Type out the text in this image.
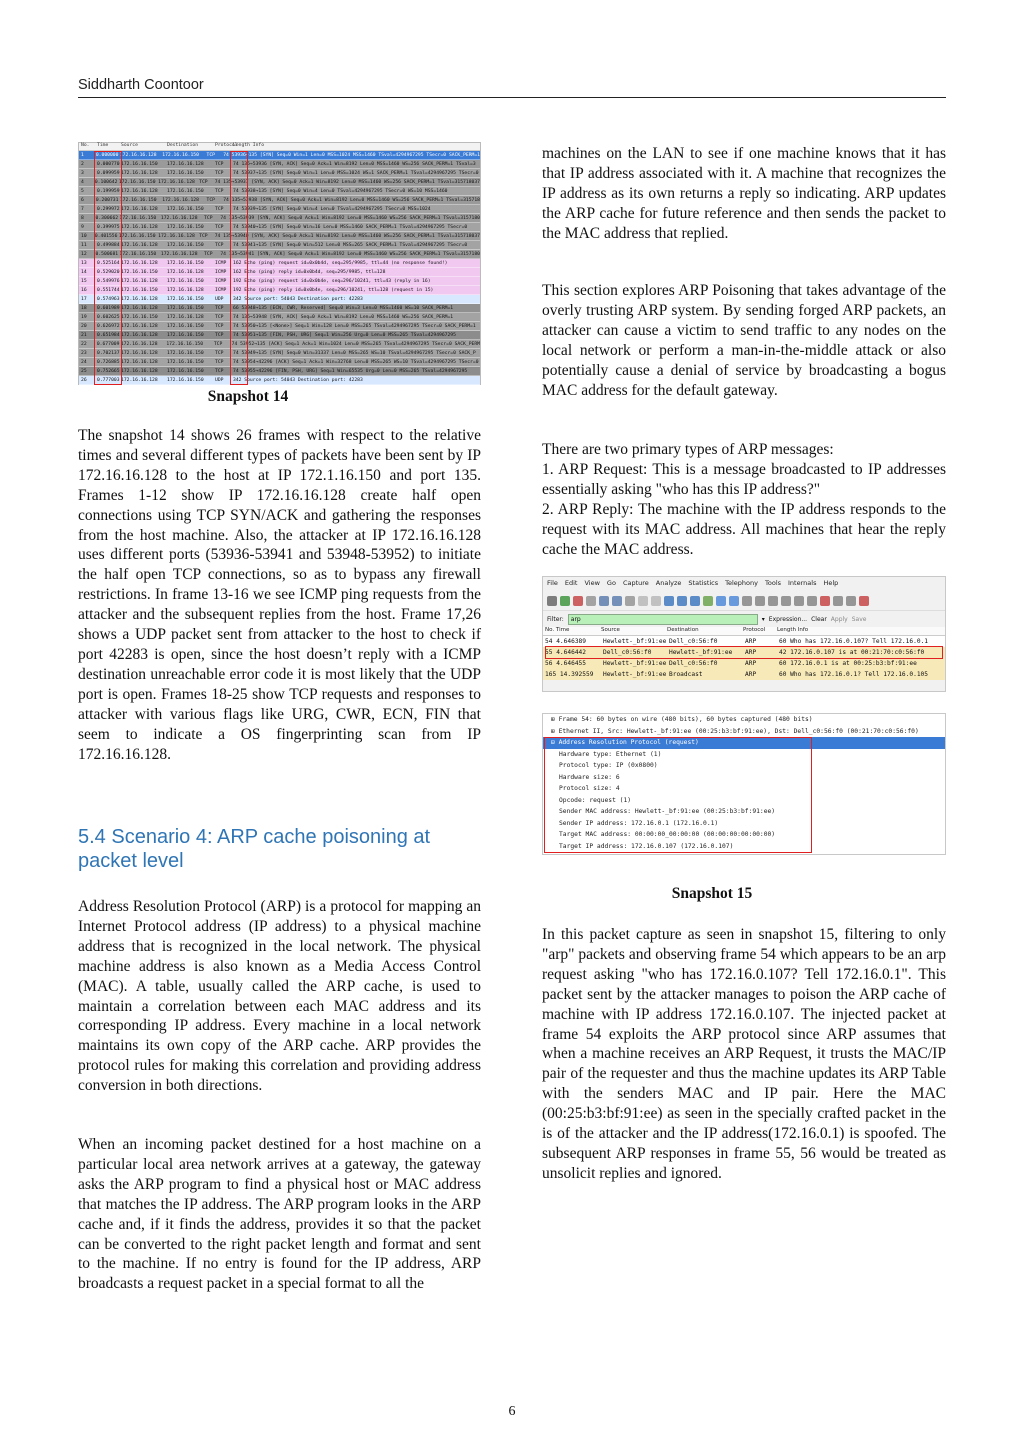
Siddharth Coontoor
No.	Time	Source	Destination	Protocol
Length Info
1	0.000000 172.16.16.128	172.16.16.150	TCP	74 53936→135 [SYN] Seq=0 Win=1 Len=0 MSS=1024 MSS=1460 TSval=4294967295 TSecr=0 SACK_PERM=1
2	0.000770 172.16.16.150	172.16.16.128	TCP	74 135→53936 [SYN, ACK] Seq=0 Ack=1 Win=8192 Len=0 MSS=1460 WS=256 SACK_PERM=1 TSval=3
3	0.099959 172.16.16.128	172.16.16.150	TCP	74 53937→135 [SYN] Seq=0 Win=1 Len=0 MSS=1024 WS=1 SACK_PERM=1 TSval=4294967295 TSecr=0
4	0.100642 172.16.16.150 172.16.16.128 TCP	74 135→53937 [SYN, ACK] Seq=0 Ack=1 Win=8192 Len=0 MSS=1460 WS=256 SACK_PERM=1 TSval=315718037
5	0.199959 172.16.16.128	172.16.16.150	TCP	74 53938→135 [SYN] Seq=0 Win=4 Len=0 TSval=4294967295 TSecr=0 WS=10 MSS=1460
6	0.200731 172.16.16.150	172.16.16.128	TCP	74 135→53938 [SYN, ACK] Seq=0 Ack=1 Win=8192 Len=0 MSS=1460 WS=256 SACK_PERM=1 TSval=315718
7	0.299972 172.16.16.128	172.16.16.150	TCP	74 53939→135 [SYN] Seq=0 Win=4 Len=0 TSval=4294967295 TSecr=0 MSS=1024
8	0.300662 172.16.16.150 172.16.16.128	TCP	74 135→53939 [SYN, ACK] Seq=0 Ack=1 Win=8192 Len=0 MSS=1460 WS=256 SACK_PERM=1 TSval=3157180
9	0.399975 172.16.16.128	172.16.16.150	TCP	74 53940→135 [SYN] Seq=0 Win=16 Len=0 MSS=1460 SACK_PERM=1 TSval=4294967295 TSecr=0
10	0.401556 172.16.16.150 172.16.16.128 TCP	74 135→53940 [SYN, ACK] Seq=0 Ack=1 Win=8192 Len=0 MSS=1460 WS=256 SACK_PERM=1 TSval=315718037
11	0.499884 172.16.16.128	172.16.16.150	TCP	74 53941→135 [SYN] Seq=0 Win=512 Len=0 MSS=265 SACK_PERM=1 TSval=4294967295 TSecr=0
12	0.500681 172.16.16.150 172.16.16.128	TCP	74 135→53941 [SYN, ACK] Seq=0 Ack=1 Win=8192 Len=0 MSS=1460 WS=256 SACK_PERM=1 TSval=3157180
13	0.525164 172.16.16.128	172.16.16.150	ICMP	162 Echo (ping) request id=0x0b4d, seq=295/9985, ttl=44 (no response found!)
14	0.529020 172.16.16.150	172.16.16.128	ICMP	162 Echo (ping) reply id=0x0b4d, seq=295/9985, ttl=128
15	0.549976 172.16.16.128	172.16.16.150	ICMP	192 Echo (ping) request id=0x0b4e, seq=296/10241, ttl=43 (reply in 16)
16	0.551744 172.16.16.150	172.16.16.128	ICMP	192 Echo (ping) reply id=0x0b4e, seq=296/10241, ttl=128 (request in 15)
17	0.574963 172.16.16.128	172.16.16.150	UDP	342 Source port: 54043 Destination port: 42283
18	0.601989 172.16.16.128	172.16.16.150	TCP	66 53948→135 [ECN, CWR, Reserved] Seq=0 Win=3 Len=0 MSS=1460 WS=10 SACK_PERM=1
19	0.602625 172.16.16.150	172.16.16.128	TCP	74 135→53948 [SYN, ACK] Seq=0 Ack=1 Win=8192 Len=0 MSS=1460 WS=256 SACK_PERM=1
20	0.626972 172.16.16.128	172.16.16.150	TCP	74 53950→135 [<None>] Seq=1 Win=128 Len=0 MSS=265 TSval=4294967295 TSecr=0 SACK_PERM=1
21	0.651984 172.16.16.128	172.16.16.150	TCP	74 53951→135 [FIN, PSH, URG] Seq=1 Win=256 Urg=0 Len=0 MSS=265 TSval=4294967295
22	0.677009 172.16.16.128	172.16.16.150	TCP	74 53952→135 [ACK] Seq=1 Ack=1 Win=1024 Len=0 MSS=265 TSval=4294967295 TSecr=0 SACK_PERM
23	0.702137 172.16.16.128	172.16.16.150	TCP	74 53949→135 [SYN] Seq=0 Win=31337 Len=0 MSS=265 WS=10 TSval=4294967295 TSecr=0 SACK_P
24	0.726885 172.16.16.128	172.16.16.150	TCP	74 53954→42296 [ACK] Seq=1 Ack=1 Win=32768 Len=0 MSS=265 WS=10 TSval=4294967295 TSecr=0
25	0.752665 172.16.16.128	172.16.16.150	TCP	74 53955→42296 [FIN, PSH, URG] Seq=1 Win=65535 Urg=0 Len=0 MSS=265 TSval=4294967295
26	0.777003 172.16.16.128	172.16.16.150	UDP	342 Source port: 54043 Destination port: 42283
Snapshot 14
The snapshot 14 shows 26 frames with respect to the relative times and several different types of packets have been sent by IP 172.16.16.128 to the host at IP 172.1.16.150 and port 135. Frames 1-12 show IP 172.16.16.128 create half open connections using TCP SYN/ACK and gathering the responses from the host machine. Also, the attacker at IP 172.16.16.128 uses different ports (53936-53941 and 53948-53952) to initiate the half open TCP connections, so as to bypass any firewall restrictions. In frame 13-16 we see ICMP ping requests from the attacker and the subsequent replies from the host. Frame 17,26 shows a UDP packet sent from attacker to the host to check if port 42283 is open, since the host doesn’t reply with a ICMP destination unreachable error code it is most likely that the UDP port is open. Frames 18-25 show TCP requests and responses to attacker with various flags like URG, CWR, ECN, FIN that seem to indicate a OS fingerprinting scan from IP 172.16.16.128.
5.4 Scenario 4: ARP cache poisoning at packet level
Address Resolution Protocol (ARP) is a protocol for mapping an Internet Protocol address (IP address) to a physical machine address that is recognized in the local network. The physical machine address is also known as a Media Access Control (MAC). A table, usually called the ARP cache, is used to maintain a correlation between each MAC address and its corresponding IP address. Every machine in a local network maintains its own copy of the ARP cache. ARP provides the protocol rules for making this correlation and providing address conversion in both directions.
When an incoming packet destined for a host machine on a particular local area network arrives at a gateway, the gateway asks the ARP program to find a physical host or MAC address that matches the IP address. The ARP program looks in the ARP cache and, if it finds the address, provides it so that the packet can be converted to the right packet length and format and sent to the machine. If no entry is found for the IP address, ARP broadcasts a request packet in a special format to all the
machines on the LAN to see if one machine knows that it has that IP address associated with it. A machine that recognizes the IP address as its own returns a reply so indicating. ARP updates the ARP cache for future reference and then sends the packet to the MAC address that replied.
This section explores ARP Poisoning that takes advantage of the overly trusting ARP system. By sending forged ARP packets, an attacker can cause a victim to send traffic to any nodes on the local network or perform a man-in-the-middle attack or also potentially cause a denial of service by broadcasting a bogus MAC address for the default gateway.
There are two primary types of ARP messages:
1. ARP Request: This is a message broadcasted to IP addresses essentially asking "who has this IP address?"
2. ARP Reply: The machine with the IP address responds to the request with its MAC address. All machines that hear the reply cache the MAC address.
File Edit View Go Capture Analyze Statistics Telephony Tools Internals Help
Filter:	arp	▾ Expression... Clear Apply Save
No. Time	Source	Destination	Protocol	Length Info
54 4.646389	Hewlett-_bf:91:ee Dell_c0:56:f0	ARP	60 Who has 172.16.0.107? Tell 172.16.0.1
55 4.646442	Dell_c0:56:f0	Hewlett-_bf:91:ee	ARP	42 172.16.0.107 is at 00:21:70:c0:56:f0
56 4.646455	Hewlett-_bf:91:ee Dell_c0:56:f0	ARP	60 172.16.0.1 is at 00:25:b3:bf:91:ee
165 14.392559	Hewlett-_bf:91:ee Broadcast	ARP	60 Who has 172.16.0.1? Tell 172.16.0.105
⊞ Frame 54: 60 bytes on wire (480 bits), 60 bytes captured (480 bits)
⊞ Ethernet II, Src: Hewlett-_bf:91:ee (00:25:b3:bf:91:ee), Dst: Dell_c0:56:f0 (00:21:70:c0:56:f0)
⊟ Address Resolution Protocol (request)
Hardware type: Ethernet (1)
Protocol type: IP (0x0800)
Hardware size: 6
Protocol size: 4
Opcode: request (1)
Sender MAC address: Hewlett-_bf:91:ee (00:25:b3:bf:91:ee)
Sender IP address: 172.16.0.1 (172.16.0.1)
Target MAC address: 00:00:00_00:00:00 (00:00:00:00:00:00)
Target IP address: 172.16.0.107 (172.16.0.107)
Snapshot 15
In this packet capture as seen in snapshot 15, filtering to only "arp" packets and observing frame 54 which appears to be an arp request asking "who has 172.16.0.107? Tell 172.16.0.1". This packet sent by the attacker manages to poison the ARP cache of machine with IP address 172.16.0.107. The injected packet at frame 54 exploits the ARP protocol since ARP assumes that when a machine receives an ARP Request, it trusts the MAC/IP pair of the requester and thus the machine updates its ARP Table with the senders MAC and IP pair. Here the MAC (00:25:b3:bf:91:ee) as seen in the specially crafted packet in the is of the attacker and the IP address(172.16.0.1) is spoofed. The subsequent ARP responses in frame 55, 56 would be treated as unsolicit replies and ignored.
6
